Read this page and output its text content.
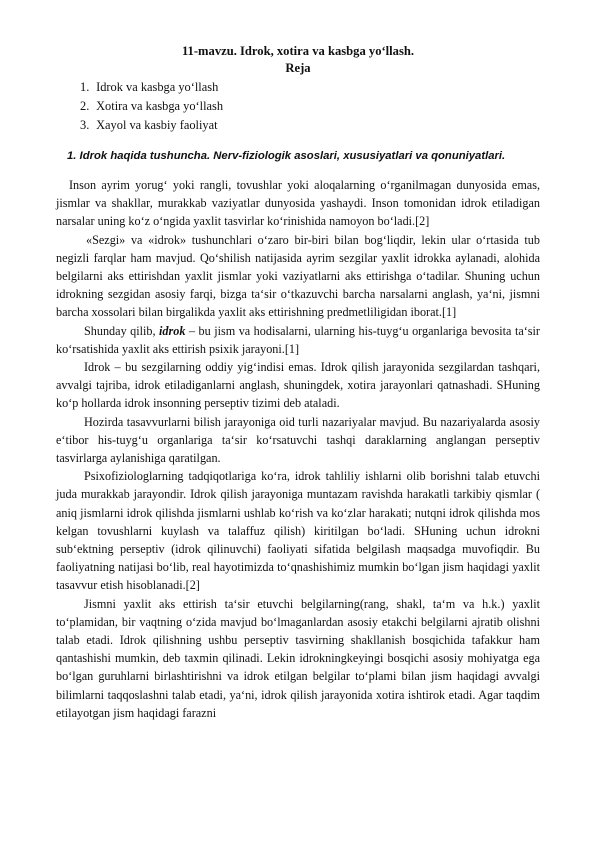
11-mavzu. Idrok, xotira va kasbga yo‘llash.
Reja
1. Idrok va kasbga yo‘llash
2. Xotira va kasbga yo‘llash
3. Xayol va kasbiy faoliyat
1. Idrok haqida tushuncha. Nerv-fiziologik asoslari, xususiyatlari va qonuniyatlari.

Inson ayrim yorug‘ yoki rangli, tovushlar yoki aloqalarning o‘rganilmagan dunyosida emas, jismlar va shakllar, murakkab vaziyatlar dunyosida yashaydi. Inson tomonidan idrok etiladigan narsalar uning ko‘z o‘ngida yaxlit tasvirlar ko‘rinishida namoyon bo‘ladi.[2]

«Sezgi» va «idrok» tushunchlari o‘zaro bir-biri bilan bog‘liqdir, lekin ular o‘rtasida tub negizli farqlar ham mavjud. Qo‘shilish natijasida ayrim sezgilar yaxlit idrokka aylanadi, alohida belgilarni aks ettirishdan yaxlit jismlar yoki vaziyatlarni aks ettirishga o‘tadilar. Shuning uchun idrokning sezgidan asosiy farqi, bizga ta‘sir o‘tkazuvchi barcha narsalarni anglash, ya‘ni, jismni barcha xossolari bilan birgalikda yaxlit aks ettirishning predmetliligidan iborat.[1]

Shunday qilib, idrok – bu jism va hodisalarni, ularning his-tuyg‘u organlariga bevosita ta‘sir ko‘rsatishida yaxlit aks ettirish psixik jarayoni.[1]

Idrok – bu sezgilarning oddiy yig‘indisi emas. Idrok qilish jarayonida sezgilardan tashqari, avvalgi tajriba, idrok etiladiganlarni anglash, shuningdek, xotira jarayonlari qatnashadi. SHuning ko‘p hollarda idrok insonning perseptiv tizimi deb ataladi.

Hozirda tasavvurlarni bilish jarayoniga oid turli nazariyalar mavjud. Bu nazariyalarda asosiy e‘tibor his-tuyg‘u organlariga ta‘sir ko‘rsatuvchi tashqi daraklarning anglangan perseptiv tasvirlarga aylanishiga qaratilgan.

Psixofiziologlarning tadqiqotlariga ko‘ra, idrok tahliliy ishlarni olib borishni talab etuvchi juda murakkab jarayondir. Idrok qilish jarayoniga muntazam ravishda harakatli tarkibiy qismlar ( aniq jismlarni idrok qilishda jismlarni ushlab ko‘rish va ko‘zlar harakati; nutqni idrok qilishda mos kelgan tovushlarni kuylash va talaffuz qilish) kiritilgan bo‘ladi. SHuning uchun idrokni sub‘ektning perseptiv (idrok qilinuvchi) faoliyati sifatida belgilash maqsadga muvofiqdir. Bu faoliyatning natijasi bo‘lib, real hayotimizda to‘qnashishimiz mumkin bo‘lgan jism haqidagi yaxlit tasavvur etish hisoblanadi.[2]

Jismni yaxlit aks ettirish ta‘sir etuvchi belgilarning(rang, shakl, ta‘m va h.k.) yaxlit to‘plamidan, bir vaqtning o‘zida mavjud bo‘lmaganlardan asosiy etakchi belgilarni ajratib olishni talab etadi. Idrok qilishning ushbu perseptiv tasvirning shakllanish bosqichida tafakkur ham qantashishi mumkin, deb taxmin qilinadi. Lekin idrokningkeyingi bosqichi asosiy mohiyatga ega bo‘lgan guruhlarni birlashtirishni va idrok etilgan belgilar to‘plami bilan jism haqidagi avvalgi bilimlarni taqqoslashni talab etadi, ya‘ni, idrok qilish jarayonida xotira ishtirok etadi. Agar taqdim etilayotgan jism haqidagi farazni
